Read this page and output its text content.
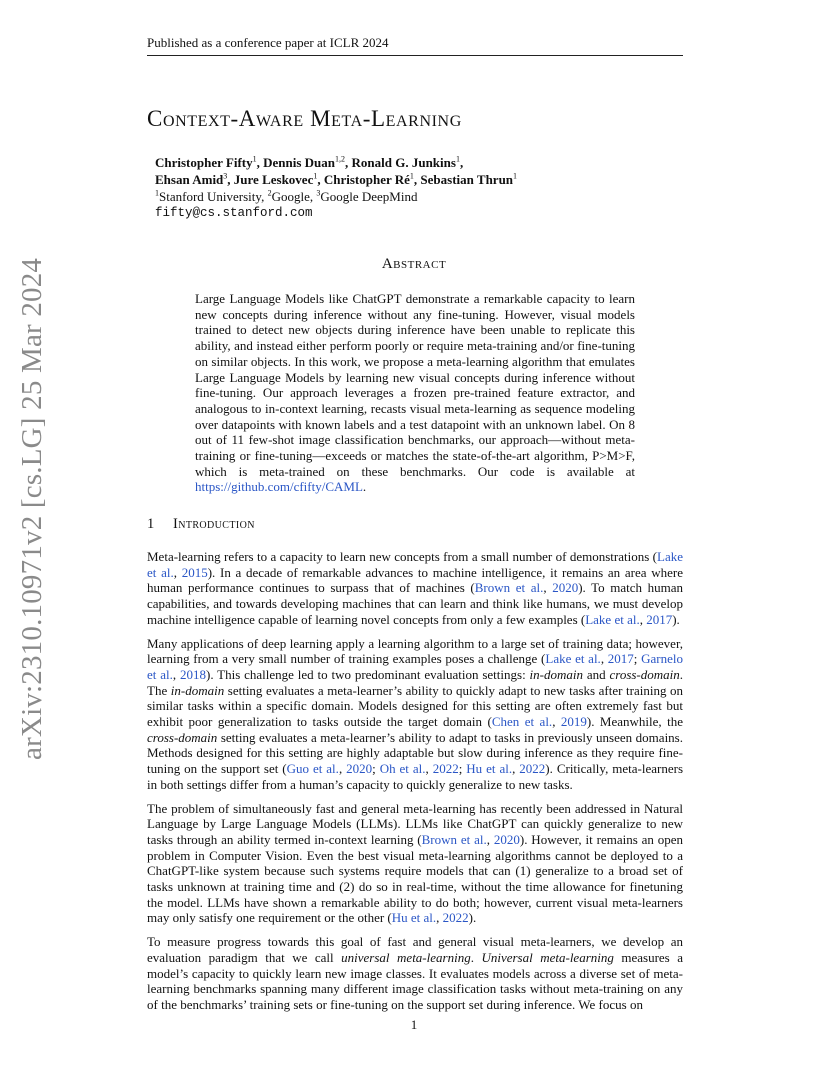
Published as a conference paper at ICLR 2024
arXiv:2310.10971v2 [cs.LG] 25 Mar 2024
Context-Aware Meta-Learning
Christopher Fifty$^1$, Dennis Duan$^{1,2}$, Ronald G. Junkins$^1$,
Ehsan Amid$^3$, Jure Leskovec$^1$, Christopher $Ré^1$, Sebastian Thrun$^1$
$^1$Stanford University, $^2$Google, $^3$Google DeepMind
fifty@cs.stanford.com
Abstract
Large Language Models like ChatGPT demonstrate a remarkable capacity to learn new concepts during inference without any fine-tuning. However, visual models trained to detect new objects during inference have been unable to replicate this ability, and instead either perform poorly or require meta-training and/or fine-tuning on similar objects. In this work, we propose a meta-learning algorithm that emulates Large Language Models by learning new visual concepts during inference without fine-tuning. Our approach leverages a frozen pre-trained feature extractor, and analogous to in-context learning, recasts visual meta-learning as sequence modeling over datapoints with known labels and a test datapoint with an unknown label. On 8 out of 11 few-shot image classification benchmarks, our approach—without meta-training or fine-tuning—exceeds or matches the state-of-the-art algorithm, P>M>F, which is meta-trained on these benchmarks. Our code is available at https://github.com/cfifty/CAML.
1 Introduction

Meta-learning refers to a capacity to learn new concepts from a small number of demonstrations (Lake et al., 2015). In a decade of remarkable advances to machine intelligence, it remains an area where human performance continues to surpass that of machines (Brown et al., 2020). To match human capabilities, and towards developing machines that can learn and think like humans, we must develop machine intelligence capable of learning novel concepts from only a few examples (Lake et al., 2017).

Many applications of deep learning apply a learning algorithm to a large set of training data; however, learning from a very small number of training examples poses a challenge (Lake et al., 2017; Garnelo et al., 2018). This challenge led to two predominant evaluation settings: in-domain and cross-domain. The in-domain setting evaluates a meta-learner’s ability to quickly adapt to new tasks after training on similar tasks within a specific domain. Models designed for this setting are often extremely fast but exhibit poor generalization to tasks outside the target domain (Chen et al., 2019). Meanwhile, the cross-domain setting evaluates a meta-learner’s ability to adapt to tasks in previously unseen domains. Methods designed for this setting are highly adaptable but slow during inference as they require fine-tuning on the support set (Guo et al., 2020; Oh et al., 2022; Hu et al., 2022). Critically, meta-learners in both settings differ from a human’s capacity to quickly generalize to new tasks.

The problem of simultaneously fast and general meta-learning has recently been addressed in Natural Language by Large Language Models (LLMs). LLMs like ChatGPT can quickly generalize to new tasks through an ability termed in-context learning (Brown et al., 2020). However, it remains an open problem in Computer Vision. Even the best visual meta-learning algorithms cannot be deployed to a ChatGPT-like system because such systems require models that can (1) generalize to a broad set of tasks unknown at training time and (2) do so in real-time, without the time allowance for finetuning the model. LLMs have shown a remarkable ability to do both; however, current visual meta-learners may only satisfy one requirement or the other (Hu et al., 2022).

To measure progress towards this goal of fast and general visual meta-learners, we develop an evaluation paradigm that we call universal meta-learning. Universal meta-learning measures a model’s capacity to quickly learn new image classes. It evaluates models across a diverse set of meta-learning benchmarks spanning many different image classification tasks without meta-training on any of the benchmarks’ training sets or fine-tuning on the support set during inference. We focus on

1
